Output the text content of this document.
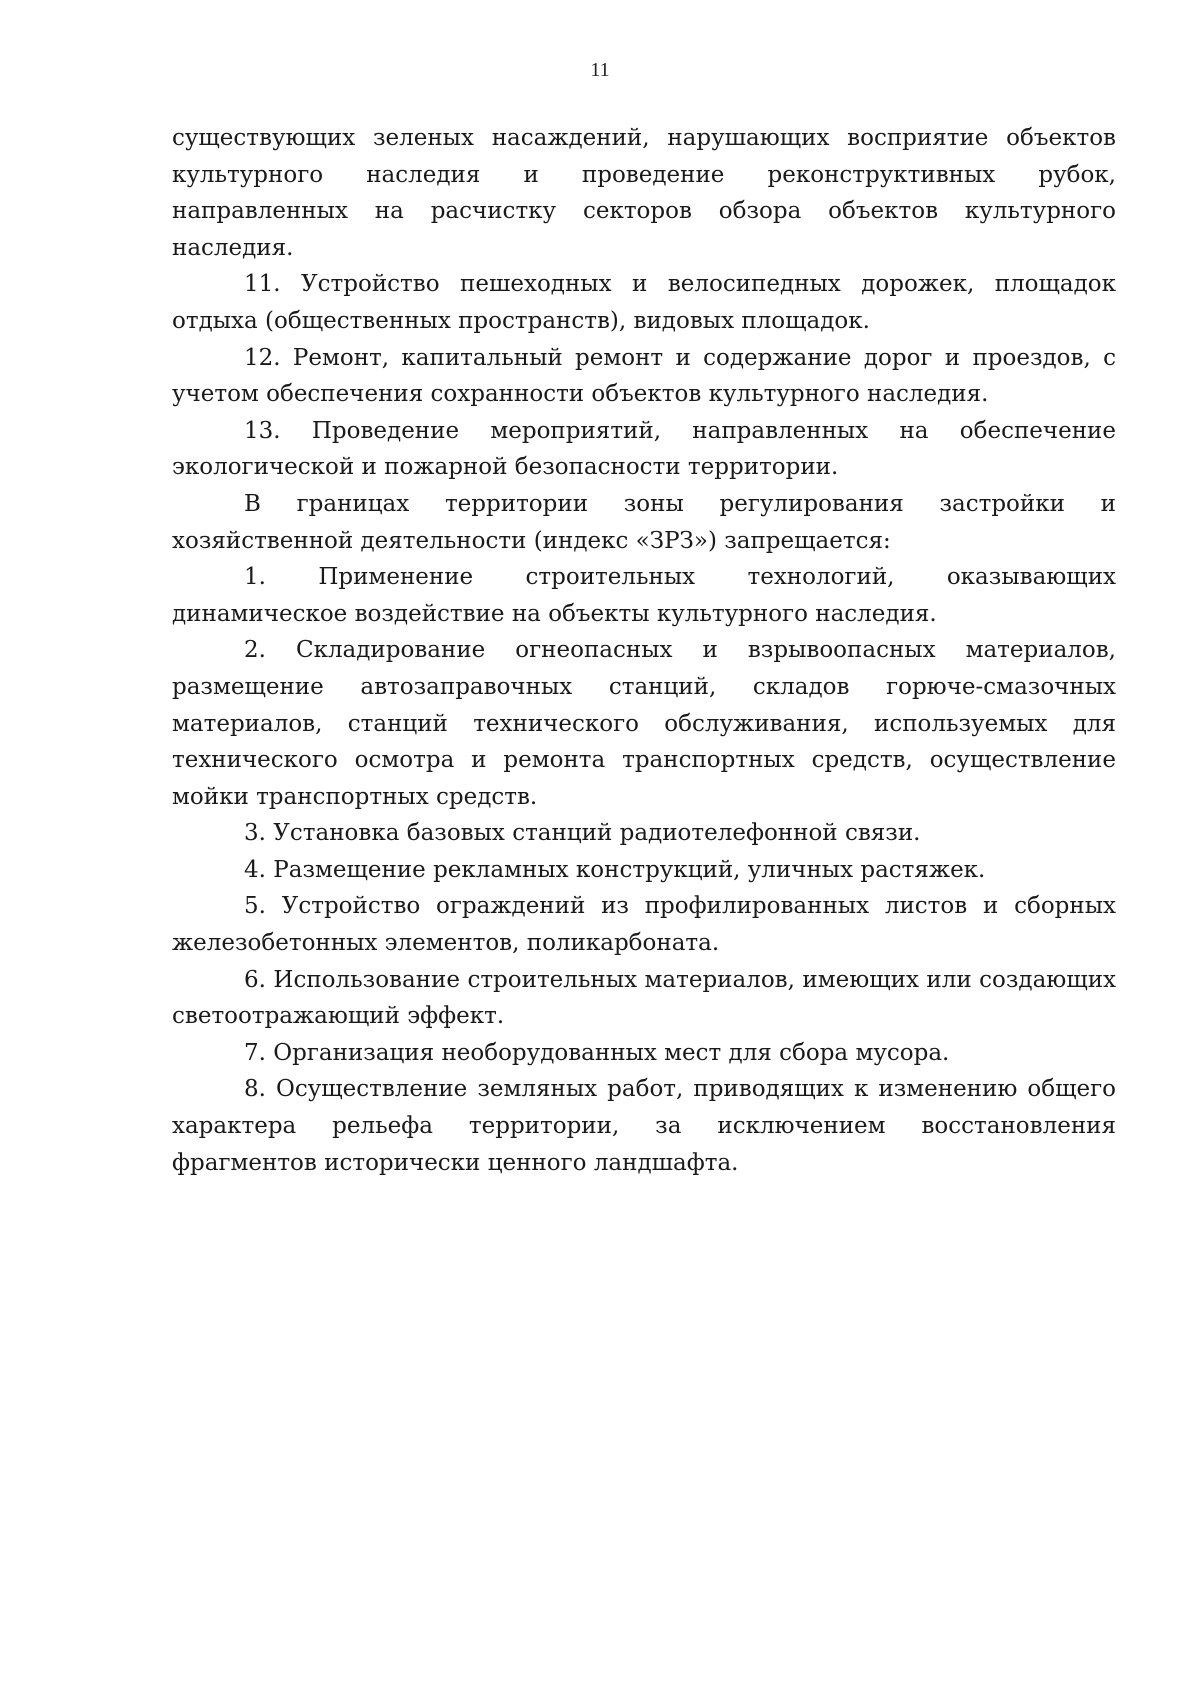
11

существующих зеленых насаждений, нарушающих восприятие объектов культурного наследия и проведение реконструктивных рубок, направленных на расчистку секторов обзора объектов культурного наследия.

11. Устройство пешеходных и велосипедных дорожек, площадок отдыха (общественных пространств), видовых площадок.

12. Ремонт, капитальный ремонт и содержание дорог и проездов, с учетом обеспечения сохранности объектов культурного наследия.

13. Проведение мероприятий, направленных на обеспечение экологической и пожарной безопасности территории.

В границах территории зоны регулирования застройки и хозяйственной деятельности (индекс «ЗРЗ») запрещается:

1. Применение строительных технологий, оказывающих динамическое воздействие на объекты культурного наследия.

2. Складирование огнеопасных и взрывоопасных материалов, размещение автозаправочных станций, складов горюче-смазочных материалов, станций технического обслуживания, используемых для технического осмотра и ремонта транспортных средств, осуществление мойки транспортных средств.

3. Установка базовых станций радиотелефонной связи.

4. Размещение рекламных конструкций, уличных растяжек.

5. Устройство ограждений из профилированных листов и сборных железобетонных элементов, поликарбоната.

6. Использование строительных материалов, имеющих или создающих светоотражающий эффект.

7. Организация необорудованных мест для сбора мусора.

8. Осуществление земляных работ, приводящих к изменению общего характера рельефа территории, за исключением восстановления фрагментов исторически ценного ландшафта.
